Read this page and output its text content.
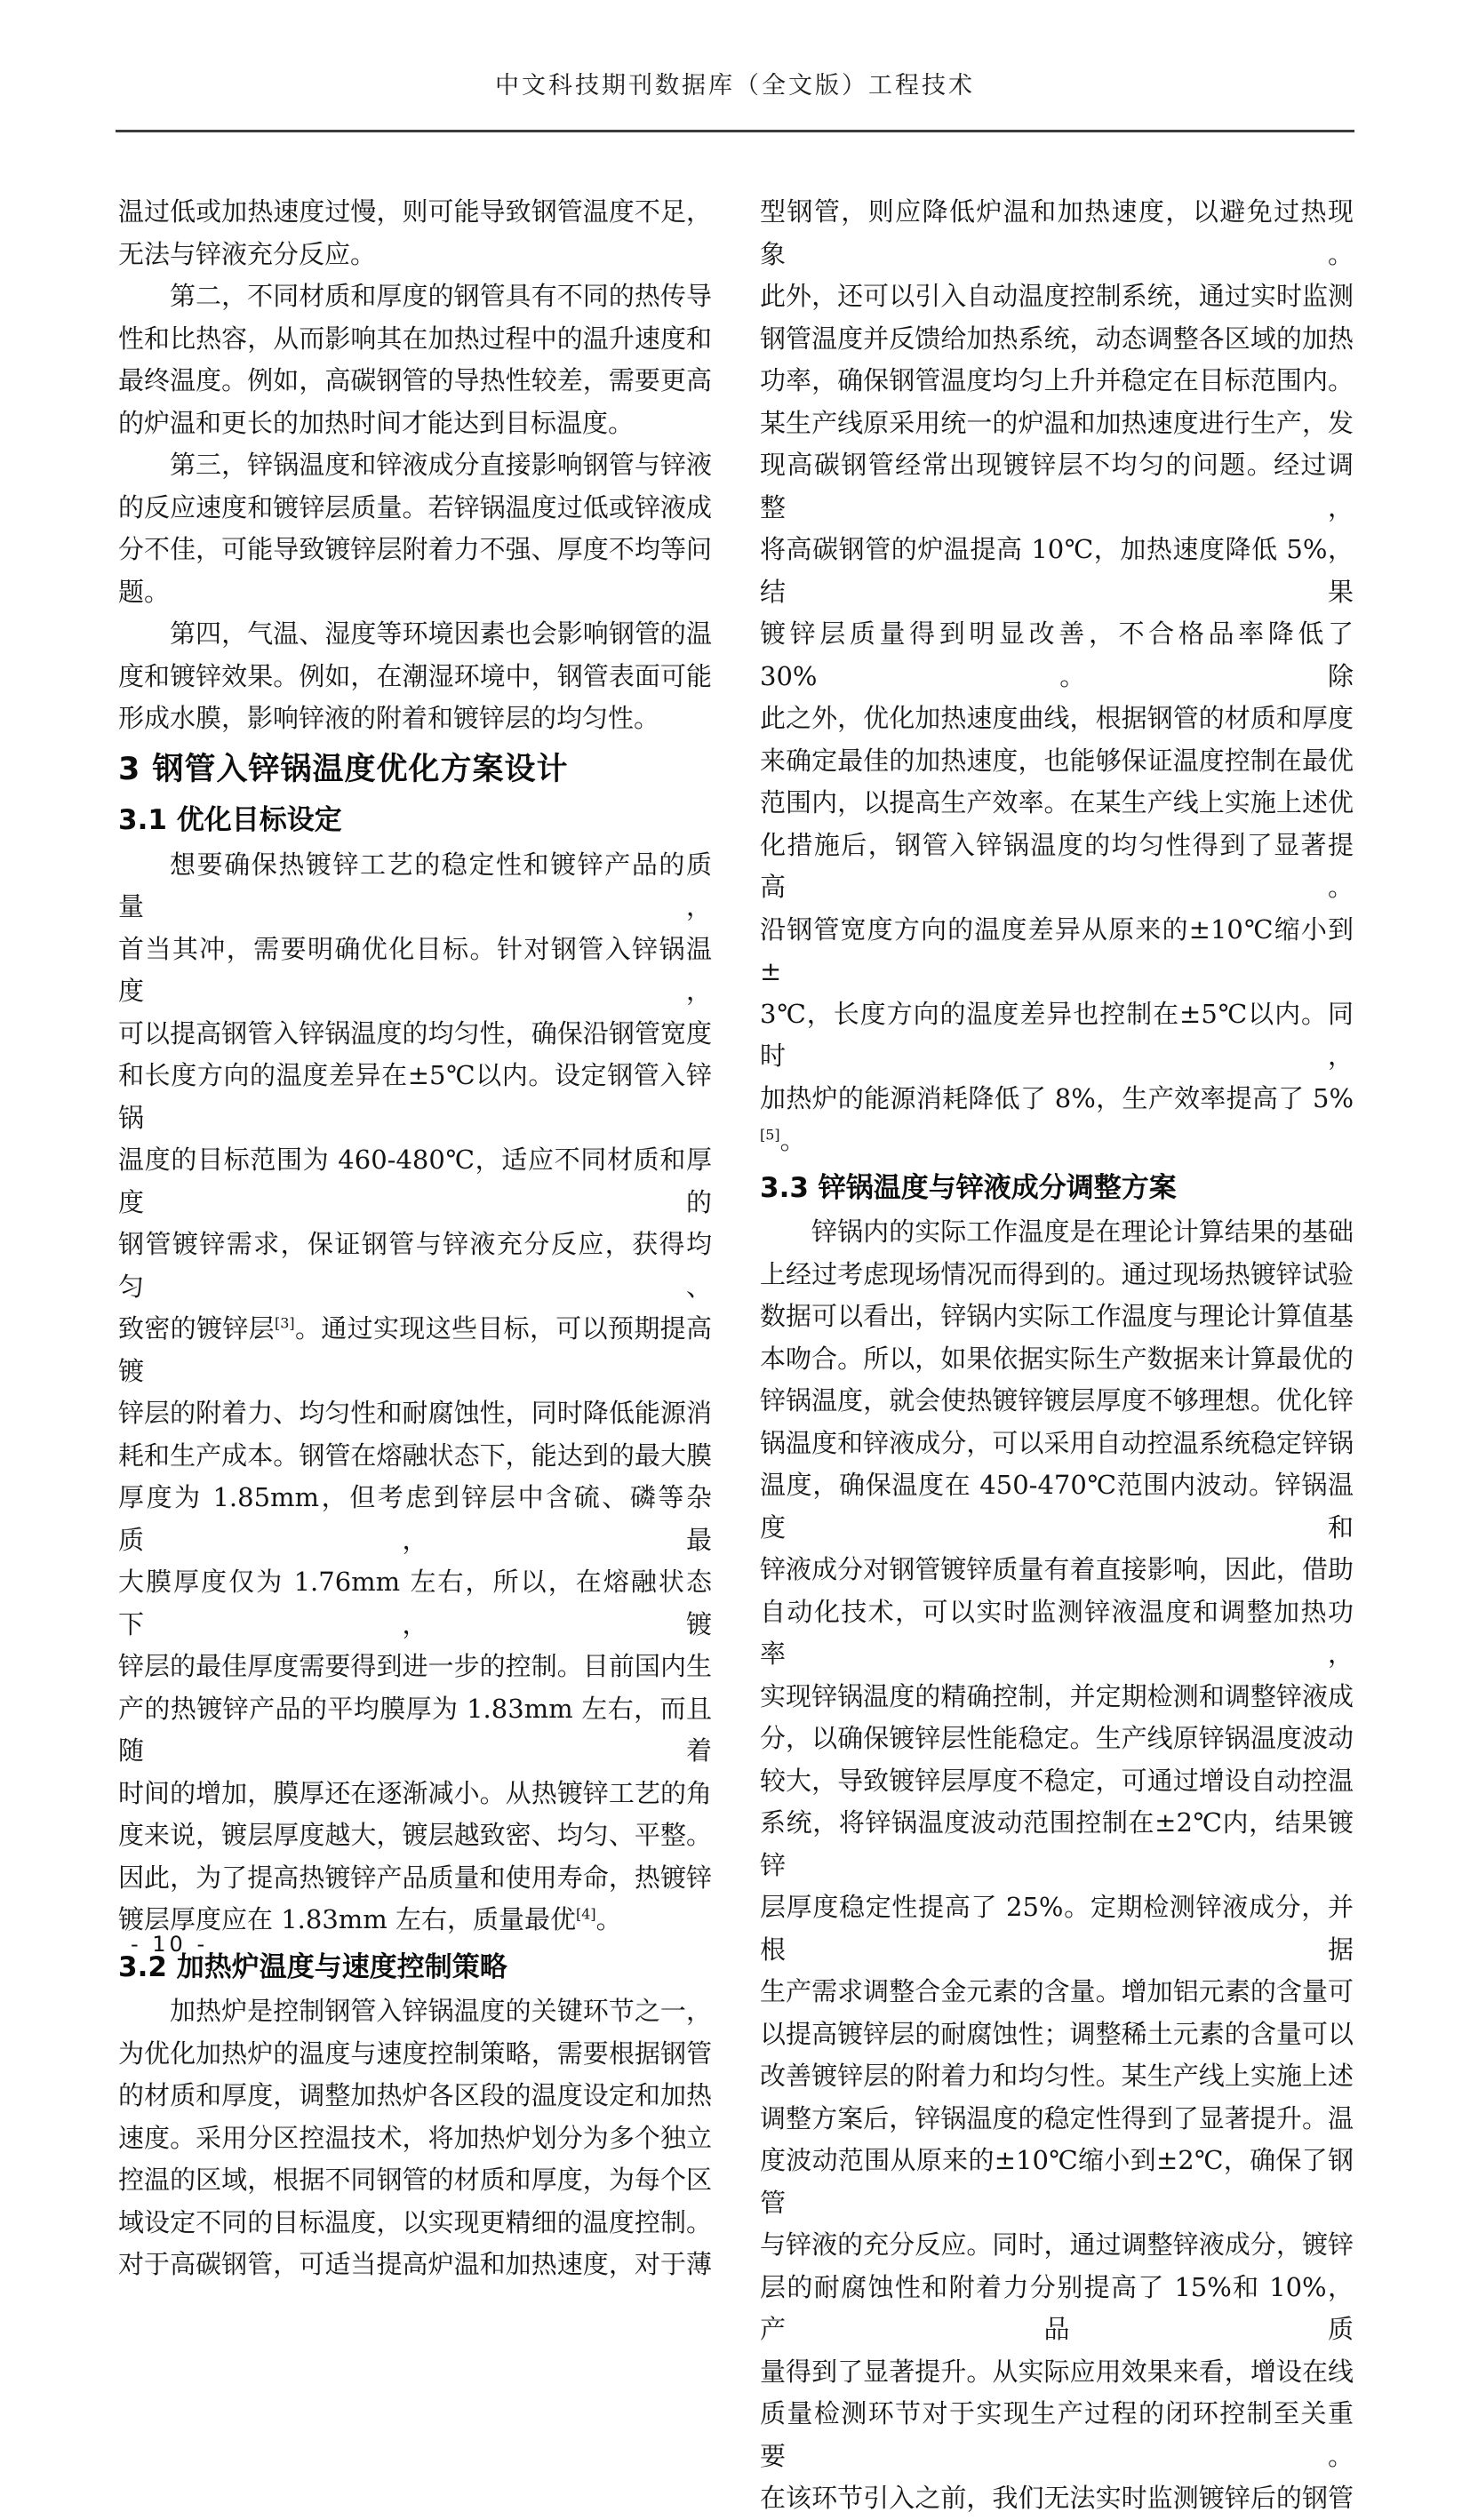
中文科技期刊数据库（全文版）工程技术
温过低或加热速度过慢，则可能导致钢管温度不足，
无法与锌液充分反应。
第二，不同材质和厚度的钢管具有不同的热传导
性和比热容，从而影响其在加热过程中的温升速度和
最终温度。例如，高碳钢管的导热性较差，需要更高
的炉温和更长的加热时间才能达到目标温度。
第三，锌锅温度和锌液成分直接影响钢管与锌液
的反应速度和镀锌层质量。若锌锅温度过低或锌液成
分不佳，可能导致镀锌层附着力不强、厚度不均等问
题。
第四，气温、湿度等环境因素也会影响钢管的温
度和镀锌效果。例如，在潮湿环境中，钢管表面可能
形成水膜，影响锌液的附着和镀锌层的均匀性。
3 钢管入锌锅温度优化方案设计
3.1 优化目标设定
想要确保热镀锌工艺的稳定性和镀锌产品的质量，
首当其冲，需要明确优化目标。针对钢管入锌锅温度，
可以提高钢管入锌锅温度的均匀性，确保沿钢管宽度
和长度方向的温度差异在±5℃以内。设定钢管入锌锅
温度的目标范围为 460-480℃，适应不同材质和厚度的
钢管镀锌需求，保证钢管与锌液充分反应，获得均匀、
致密的镀锌层[3]。通过实现这些目标，可以预期提高镀
锌层的附着力、均匀性和耐腐蚀性，同时降低能源消
耗和生产成本。钢管在熔融状态下，能达到的最大膜
厚度为 1.85mm，但考虑到锌层中含硫、磷等杂质，最
大膜厚度仅为 1.76mm 左右，所以，在熔融状态下，镀
锌层的最佳厚度需要得到进一步的控制。目前国内生
产的热镀锌产品的平均膜厚为 1.83mm 左右，而且随着
时间的增加，膜厚还在逐渐减小。从热镀锌工艺的角
度来说，镀层厚度越大，镀层越致密、均匀、平整。
因此，为了提高热镀锌产品质量和使用寿命，热镀锌
镀层厚度应在 1.83mm 左右，质量最优[4]。
3.2 加热炉温度与速度控制策略
加热炉是控制钢管入锌锅温度的关键环节之一，
为优化加热炉的温度与速度控制策略，需要根据钢管
的材质和厚度，调整加热炉各区段的温度设定和加热
速度。采用分区控温技术，将加热炉划分为多个独立
控温的区域，根据不同钢管的材质和厚度，为每个区
域设定不同的目标温度，以实现更精细的温度控制。
对于高碳钢管，可适当提高炉温和加热速度，对于薄
型钢管，则应降低炉温和加热速度，以避免过热现象。
此外，还可以引入自动温度控制系统，通过实时监测
钢管温度并反馈给加热系统，动态调整各区域的加热
功率，确保钢管温度均匀上升并稳定在目标范围内。
某生产线原采用统一的炉温和加热速度进行生产，发
现高碳钢管经常出现镀锌层不均匀的问题。经过调整，
将高碳钢管的炉温提高 10℃，加热速度降低 5%，结果
镀锌层质量得到明显改善，不合格品率降低了 30%。除
此之外，优化加热速度曲线，根据钢管的材质和厚度
来确定最佳的加热速度，也能够保证温度控制在最优
范围内，以提高生产效率。在某生产线上实施上述优
化措施后，钢管入锌锅温度的均匀性得到了显著提高。
沿钢管宽度方向的温度差异从原来的±10℃缩小到±
3℃，长度方向的温度差异也控制在±5℃以内。同时，
加热炉的能源消耗降低了 8%，生产效率提高了 5%[5]。
3.3 锌锅温度与锌液成分调整方案
锌锅内的实际工作温度是在理论计算结果的基础
上经过考虑现场情况而得到的。通过现场热镀锌试验
数据可以看出，锌锅内实际工作温度与理论计算值基
本吻合。所以，如果依据实际生产数据来计算最优的
锌锅温度，就会使热镀锌镀层厚度不够理想。优化锌
锅温度和锌液成分，可以采用自动控温系统稳定锌锅
温度，确保温度在 450-470℃范围内波动。锌锅温度和
锌液成分对钢管镀锌质量有着直接影响，因此，借助
自动化技术，可以实时监测锌液温度和调整加热功率，
实现锌锅温度的精确控制，并定期检测和调整锌液成
分，以确保镀锌层性能稳定。生产线原锌锅温度波动
较大，导致镀锌层厚度不稳定，可通过增设自动控温
系统，将锌锅温度波动范围控制在±2℃内，结果镀锌
层厚度稳定性提高了 25%。定期检测锌液成分，并根据
生产需求调整合金元素的含量。增加铝元素的含量可
以提高镀锌层的耐腐蚀性；调整稀土元素的含量可以
改善镀锌层的附着力和均匀性。某生产线上实施上述
调整方案后，锌锅温度的稳定性得到了显著提升。温
度波动范围从原来的±10℃缩小到±2℃，确保了钢管
与锌液的充分反应。同时，通过调整锌液成分，镀锌
层的耐腐蚀性和附着力分别提高了 15%和 10%，产品质
量得到了显著提升。从实际应用效果来看，增设在线
质量检测环节对于实现生产过程的闭环控制至关重要。
在该环节引入之前，我们无法实时监测镀锌后的钢管
- 10 -
